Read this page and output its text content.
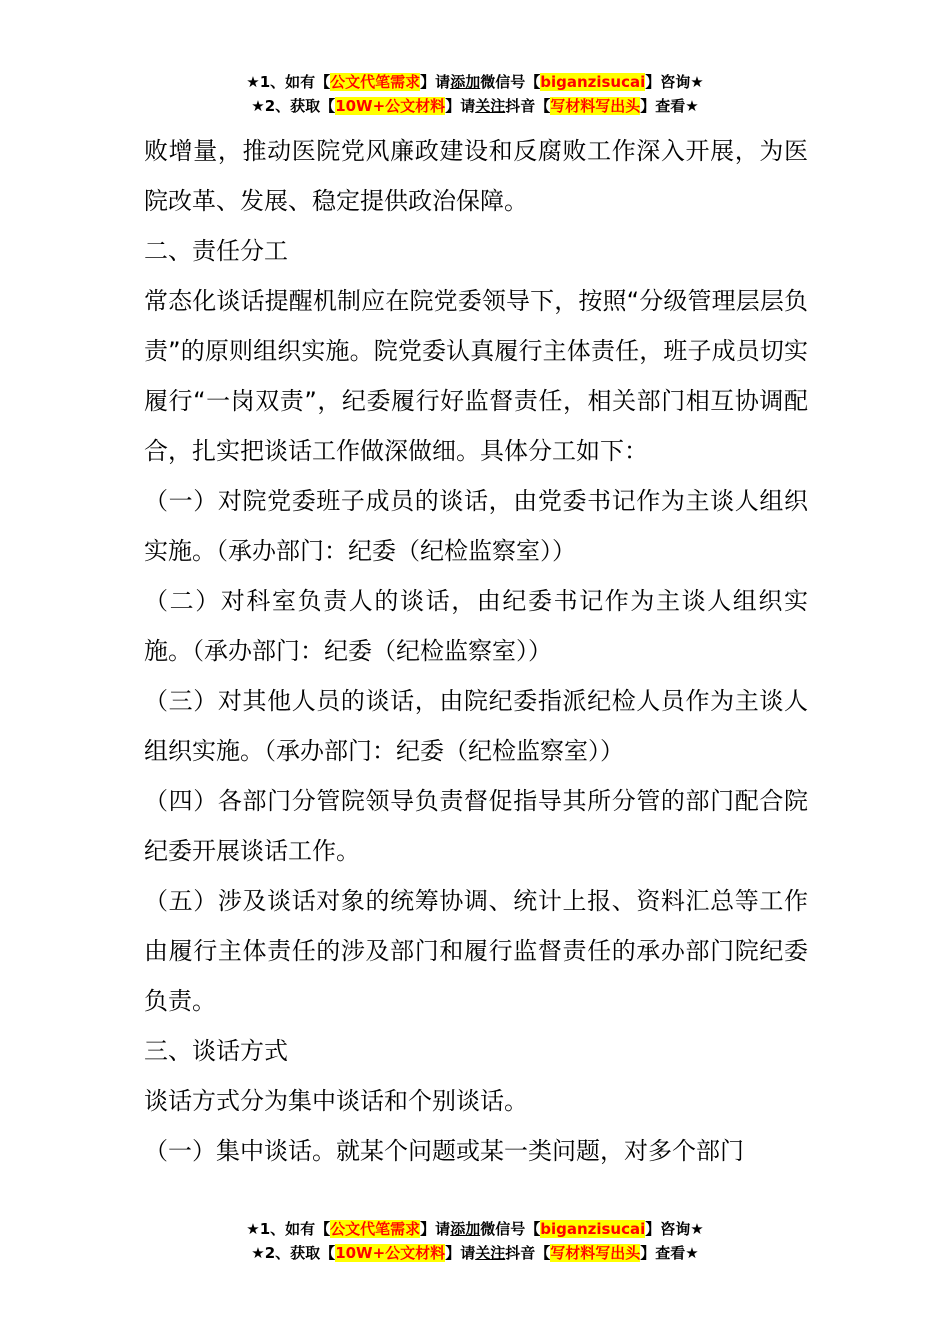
★1、如有【公文代笔需求】请添加微信号【biganzisucai】咨询★
★2、获取【10W+公文材料】请关注抖音【写材料写出头】查看★

败增量，推动医院党风廉政建设和反腐败工作深入开展，为医院改革、发展、稳定提供政治保障。

二、责任分工

常态化谈话提醒机制应在院党委领导下，按照“分级管理层层负责”的原则组织实施。院党委认真履行主体责任，班子成员切实履行“一岗双责”，纪委履行好监督责任，相关部门相互协调配合，扎实把谈话工作做深做细。具体分工如下：

（一）对院党委班子成员的谈话，由党委书记作为主谈人组织实施。（承办部门：纪委（纪检监察室））

（二）对科室负责人的谈话，由纪委书记作为主谈人组织实施。（承办部门：纪委（纪检监察室））

（三）对其他人员的谈话，由院纪委指派纪检人员作为主谈人组织实施。（承办部门：纪委（纪检监察室））

（四）各部门分管院领导负责督促指导其所分管的部门配合院纪委开展谈话工作。

（五）涉及谈话对象的统筹协调、统计上报、资料汇总等工作由履行主体责任的涉及部门和履行监督责任的承办部门院纪委负责。

三、谈话方式

谈话方式分为集中谈话和个别谈话。

（一）集中谈话。就某个问题或某一类问题，对多个部门

★1、如有【公文代笔需求】请添加微信号【biganzisucai】咨询★
★2、获取【10W+公文材料】请关注抖音【写材料写出头】查看★
